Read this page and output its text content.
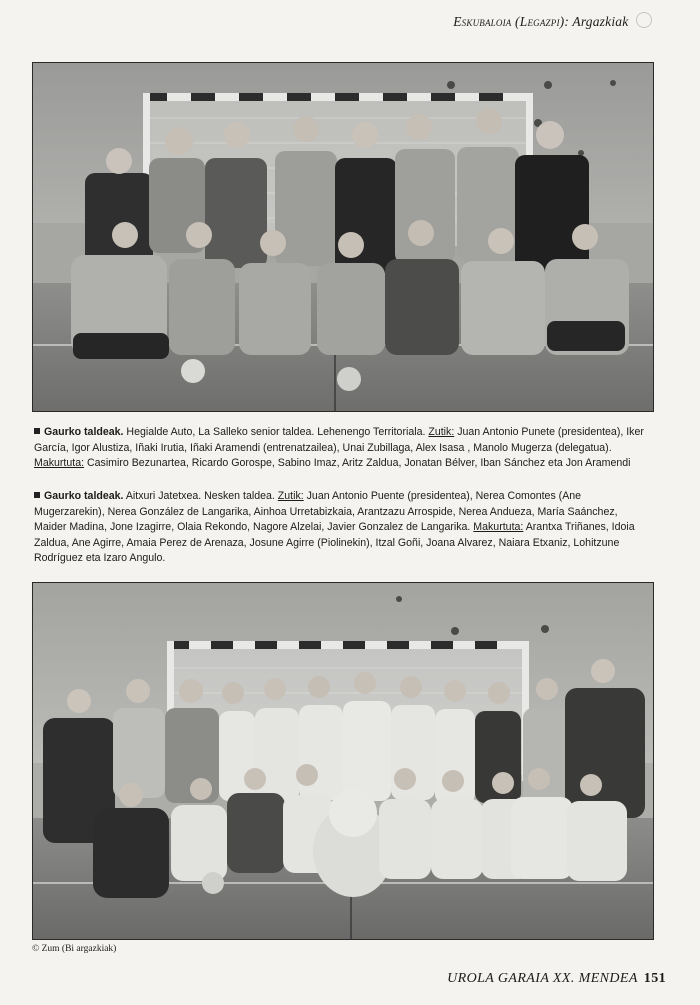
Eskubaloia (Legazpi): Argazkiak
Gaurko taldeak. Hegialde Auto, La Salleko senior taldea. Lehenengo Territoriala. Zutik: Juan Antonio Punete (presidentea), Iker García, Igor Alustiza, Iñaki Irutia, Iñaki Aramendi (entrenatzailea), Unai Zubillaga, Alex Isasa , Manolo Mugerza (delegatua). Makurtuta: Casimiro Bezunartea, Ricardo Gorospe, Sabino Imaz, Aritz Zaldua, Jonatan Bélver, Iban Sánchez eta Jon Aramendi
Gaurko taldeak. Aitxuri Jatetxea. Nesken taldea. Zutik: Juan Antonio Puente (presidentea), Nerea Comontes (Ane Mugerzarekin), Nerea González de Langarika, Ainhoa Urretabizkaia, Arantzazu Arrospide, Nerea Andueza, María Saánchez, Maider Madina, Jone Izagirre, Olaia Rekondo, Nagore Alzelai, Javier Gonzalez de Langarika. Makurtuta: Arantxa Triñanes, Idoia Zaldua, Ane Agirre, Amaia Perez de Arenaza, Josune Agirre (Piolinekin), Itzal Goñi, Joana Alvarez, Naiara Etxaniz, Lohitzune Rodríguez eta Izaro Angulo.
© Zum (Bi argazkiak)
UROLA GARAIA XX. MENDEA 151
